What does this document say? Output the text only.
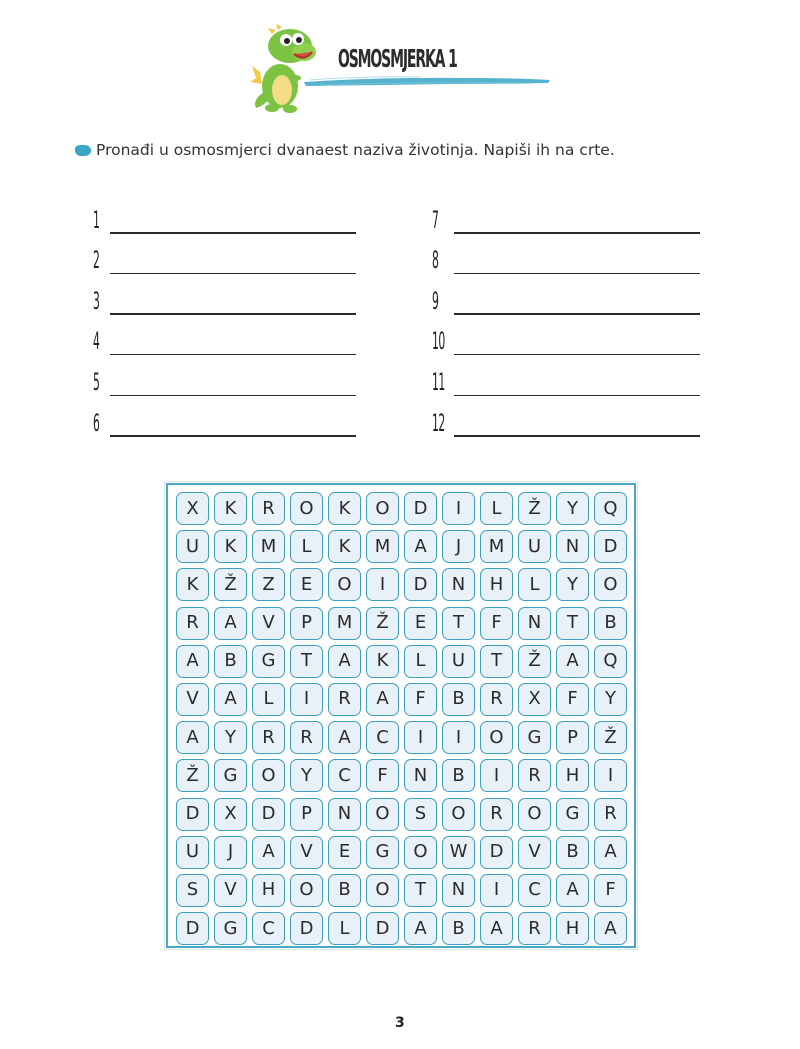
OSMOSMJERKA 1
Pronađi u osmosmjerci dvanaest naziva životinja. Napiši ih na crte.
1
2
3
4
5
6
7
8
9
10
11
12
X	K	R	O	K	O	D	I	L	Ž	Y	Q
U	K	M	L	K	M	A	J	M	U	N	D
K	Ž	Z	E	O	I	D	N	H	L	Y	O
R	A	V	P	M	Ž	E	T	F	N	T	B
A	B	G	T	A	K	L	U	T	Ž	A	Q
V	A	L	I	R	A	F	B	R	X	F	Y
A	Y	R	R	A	C	I	I	O	G	P	Ž
Ž	G	O	Y	C	F	N	B	I	R	H	I
D	X	D	P	N	O	S	O	R	O	G	R
U	J	A	V	E	G	O	W	D	V	B	A
S	V	H	O	B	O	T	N	I	C	A	F
D	G	C	D	L	D	A	B	A	R	H	A
3
